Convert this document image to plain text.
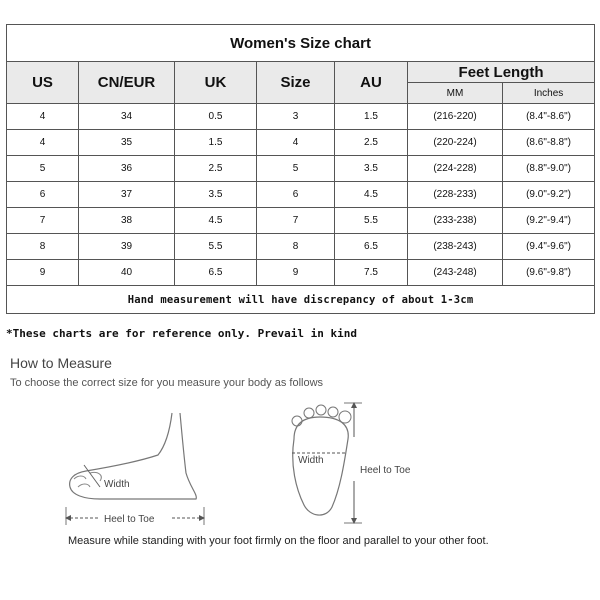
Women's Size chart						
US	CN/EUR	UK	Size	AU	Feet Length	
					MM	Inches
4	34	0.5	3	1.5	(216-220)	(8.4"-8.6")
4	35	1.5	4	2.5	(220-224)	(8.6"-8.8")
5	36	2.5	5	3.5	(224-228)	(8.8"-9.0")
6	37	3.5	6	4.5	(228-233)	(9.0"-9.2")
7	38	4.5	7	5.5	(233-238)	(9.2"-9.4")
8	39	5.5	8	6.5	(238-243)	(9.4"-9.6")
9	40	6.5	9	7.5	(243-248)	(9.6"-9.8")
Hand measurement will have discrepancy of about 1-3cm						
*These charts are for reference only. Prevail in kind
How to Measure
To choose the correct size for you measure your body as follows
Width
Heel to Toe
Width
Heel to Toe
Measure while standing with your foot firmly on the floor and parallel to your other foot.
